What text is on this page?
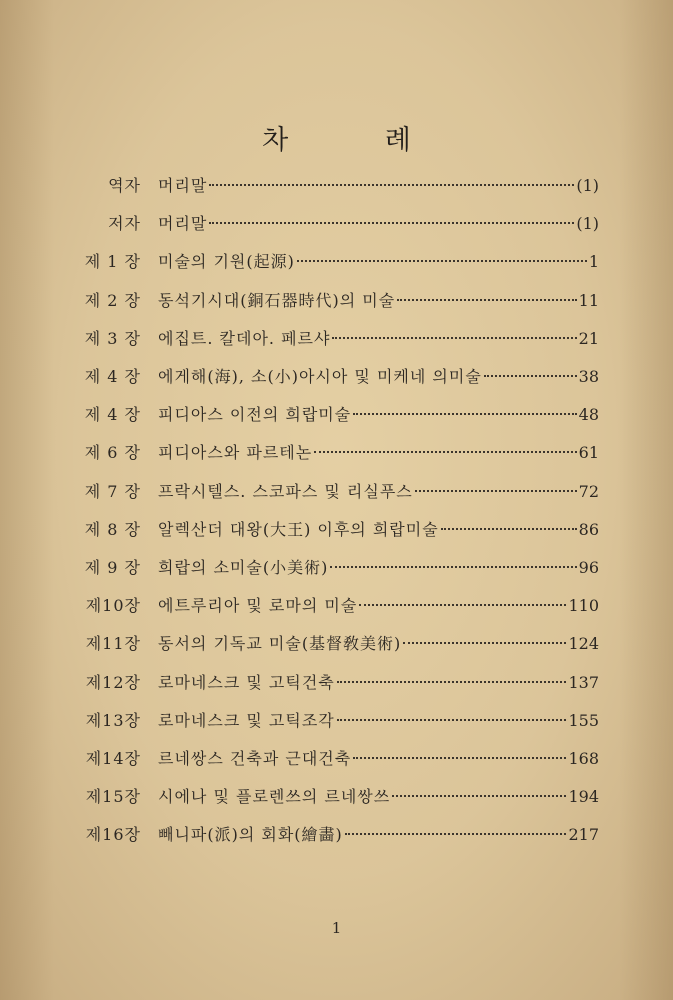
차 례
역자 머리말	(1)
저자 머리말	(1)
제 1 장 미술의 기원(起源)	1
제 2 장 동석기시대(銅石器時代)의 미술	11
제 3 장 에집트. 칼데아. 페르샤	21
제 4 장 에게해(海), 소(小)아시아 및 미케네 의미술	38
제 4 장 피디아스 이전의 희랍미술	48
제 6 장 피디아스와 파르테논	61
제 7 장 프락시텔스. 스코파스 및 리실푸스	72
제 8 장 알렉산더 대왕(大王) 이후의 희랍미술	86
제 9 장 희랍의 소미술(小美術)	96
제10장 에트루리아 및 로마의 미술	110
제11장 동서의 기독교 미술(基督敎美術)	124
제12장 로마네스크 및 고틱건축	137
제13장 로마네스크 및 고틱조각	155
제14장 르네쌍스 건축과 근대건축	168
제15장 시에나 및 플로렌쓰의 르네쌍쓰	194
제16장 빼니파(派)의 회화(繪畵)	217
1
